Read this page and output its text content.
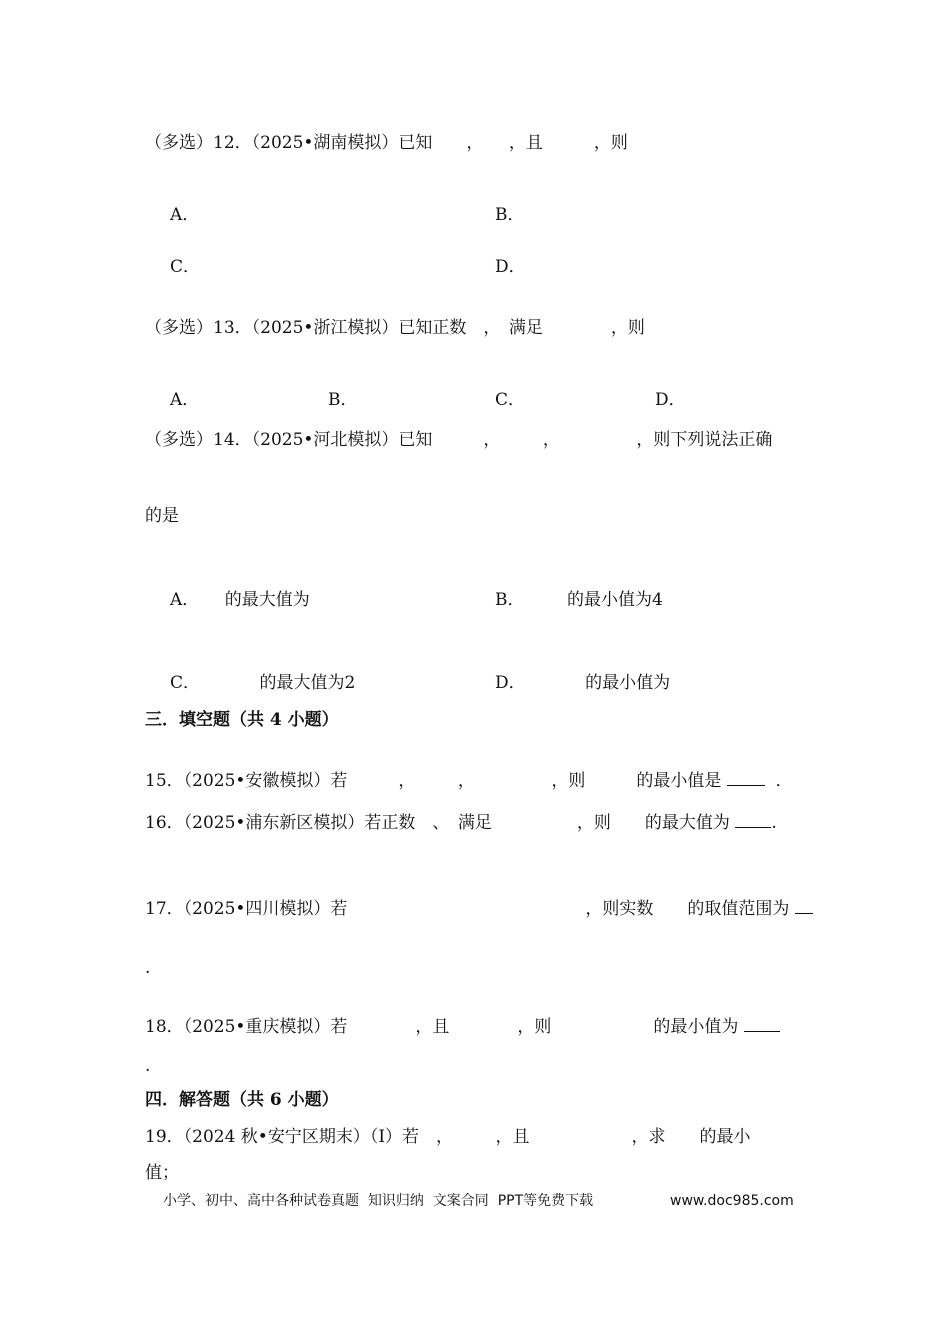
（多选）12．（2025•湖南模拟）已知　　，　　，且　　　，则
A．	B．
C．	D．
（多选）13．（2025•浙江模拟）已知正数　，　满足　　　　，则
A．	B．	C．	D．
（多选）14．（2025•河北模拟）已知　　　，　　　，　　　　　，则下列说法正确
的是
A．　　的最大值为	B．　　　的最小值为4
C．　　　　的最大值为2	D．　　　　的最小值为
三．填空题（共 4 小题）
15．（2025•安徽模拟）若　　　，　　　，　　　　　，则　　　的最小值是	．
16．（2025•浦东新区模拟）若正数　、　满足　　　　　，则　　的最大值为 .
17．（2025•四川模拟）若　　　　　　　　　　　　　　，则实数　　的取值范围为
.
18．（2025•重庆模拟）若　　　　，且　　　　，则　　　　　　的最小值为
.
四．解答题（共 6 小题）
19．（2024 秋•安宁区期末）（Ⅰ）若　，　　　，且　　　　　　，求　　的最小
值；
小学、初中、高中各种试卷真题  知识归纳  文案合同  PPT等免费下载	www.doc985.com
